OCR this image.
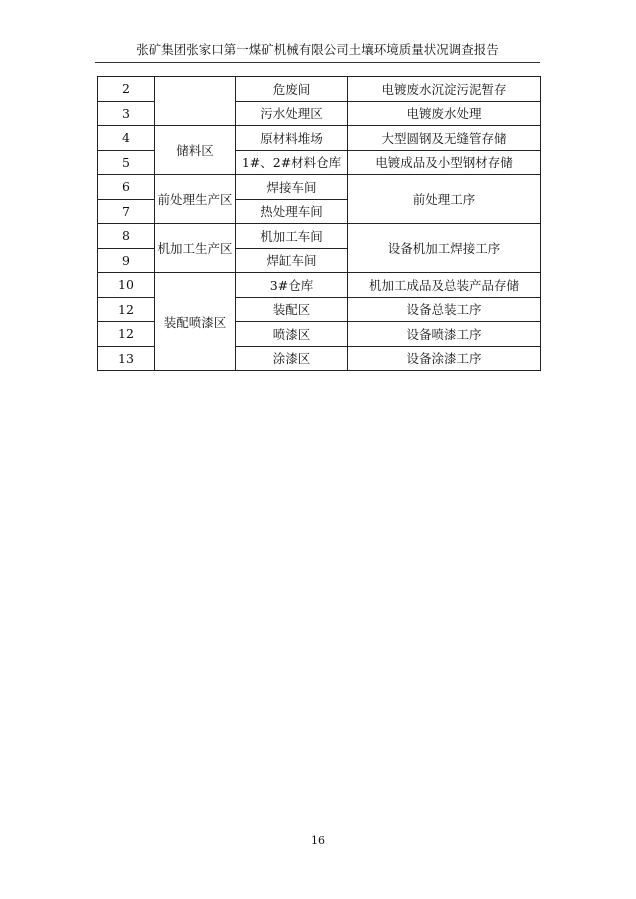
张矿集团张家口第一煤矿机械有限公司土壤环境质量状况调查报告
2		危废间	电镀废水沉淀污泥暂存
3		污水处理区	电镀废水处理
4	储料区	原材料堆场	大型圆钢及无缝管存储
5		1#、2#材料仓库	电镀成品及小型钢材存储
6	前处理生产区	焊接车间	前处理工序
7		热处理车间	
8	机加工生产区	机加工车间	设备机加工焊接工序
9		焊缸车间	
10	装配喷漆区	3#仓库	机加工成品及总装产品存储
12		装配区	设备总装工序
12		喷漆区	设备喷漆工序
13		涂漆区	设备涂漆工序
16
